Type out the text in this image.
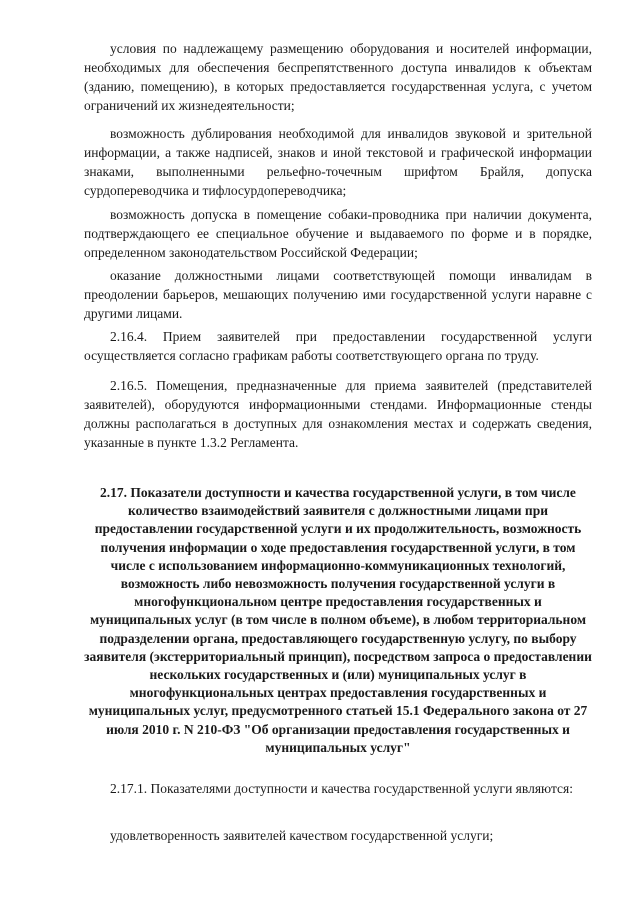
условия по надлежащему размещению оборудования и носителей информации, необходимых для обеспечения беспрепятственного доступа инвалидов к объектам (зданию, помещению), в которых предоставляется государственная услуга, с учетом ограничений их жизнедеятельности;

возможность дублирования необходимой для инвалидов звуковой и зрительной информации, а также надписей, знаков и иной текстовой и графической информации знаками, выполненными рельефно-точечным шрифтом Брайля, допуска сурдопереводчика и тифлосурдопереводчика;

возможность допуска в помещение собаки-проводника при наличии документа, подтверждающего ее специальное обучение и выдаваемого по форме и в порядке, определенном законодательством Российской Федерации;

оказание должностными лицами соответствующей помощи инвалидам в преодолении барьеров, мешающих получению ими государственной услуги наравне с другими лицами.

2.16.4. Прием заявителей при предоставлении государственной услуги осуществляется согласно графикам работы соответствующего органа по труду.

2.16.5. Помещения, предназначенные для приема заявителей (представителей заявителей), оборудуются информационными стендами. Информационные стенды должны располагаться в доступных для ознакомления местах и содержать сведения, указанные в пункте 1.3.2 Регламента.

2.17. Показатели доступности и качества государственной услуги, в том числе количество взаимодействий заявителя с должностными лицами при предоставлении государственной услуги и их продолжительность, возможность получения информации о ходе предоставления государственной услуги, в том числе с использованием информационно-коммуникационных технологий, возможность либо невозможность получения государственной услуги в многофункциональном центре предоставления государственных и муниципальных услуг (в том числе в полном объеме), в любом территориальном подразделении органа, предоставляющего государственную услугу, по выбору заявителя (экстерриториальный принцип), посредством запроса о предоставлении нескольких государственных и (или) муниципальных услуг в многофункциональных центрах предоставления государственных и муниципальных услуг, предусмотренного статьей 15.1 Федерального закона от 27 июля 2010 г. N 210-ФЗ "Об организации предоставления государственных и муниципальных услуг"

2.17.1. Показателями доступности и качества государственной услуги являются:

удовлетворенность заявителей качеством государственной услуги;
